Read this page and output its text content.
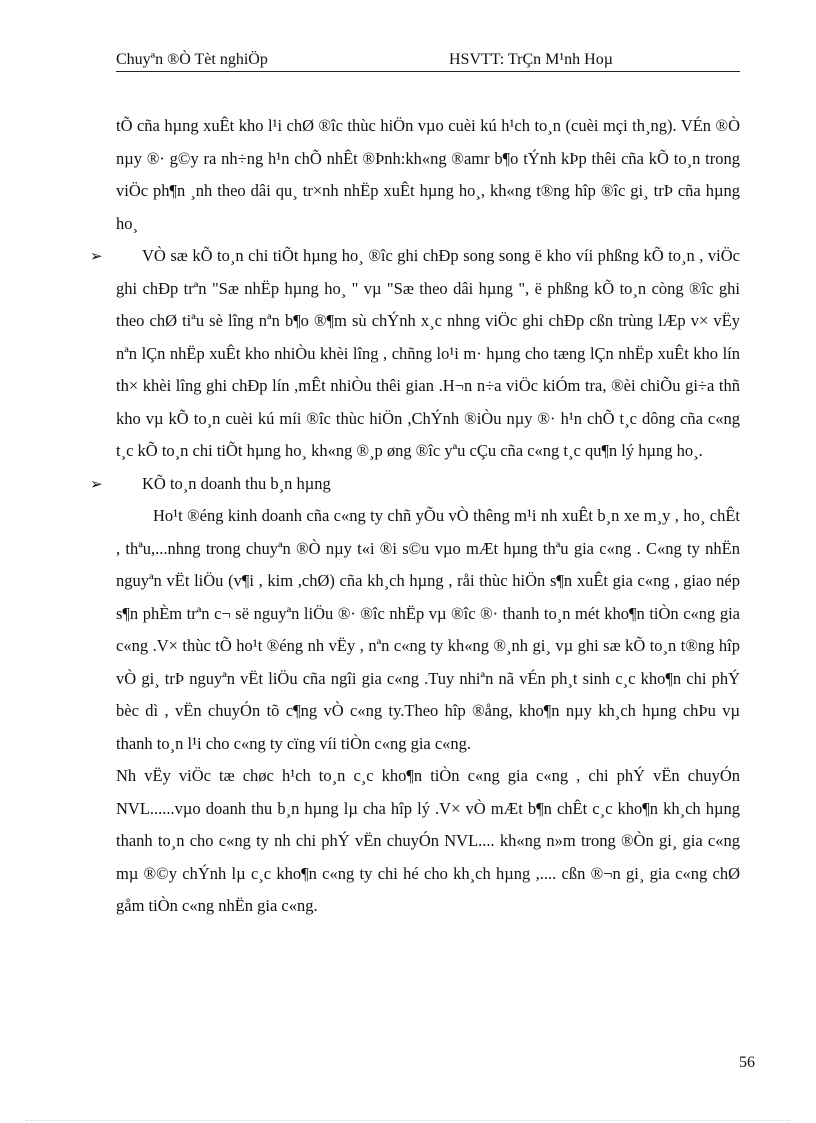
Chuyªn ®Ò Tèt nghiÖp	HSVTT: TrÇn M¹nh Hoµ

tÕ cña hµng xuÊt kho l¹i chØ ®îc thùc hiÖn vµo cuèi kú h¹ch to¸n (cuèi mçi th¸ng). VÉn ®Ò nµy ®· g©y ra nh÷ng h¹n chÕ nhÊt ®Þnh:kh«ng ®amr b¶o tÝnh kÞp thêi cña kÕ to¸n trong viÖc ph¶n ¸nh theo dâi qu¸ tr×nh nhËp xuÊt hµng ho¸, kh«ng t®ng hîp ®îc gi¸ trÞ cña hµng ho¸

➢ VÒ sæ kÕ to¸n chi tiÕt hµng ho¸ ®îc ghi chÐp song song ë kho víi phßng kÕ to¸n , viÖc ghi chÐp trªn "Sæ nhËp hµng ho¸ " vµ "Sæ theo dâi hµng ", ë phßng kÕ to¸n còng ®îc ghi theo chØ tiªu sè lîng nªn b¶o ®¶m sù chÝnh x¸c nhng viÖc ghi chÐp cßn trùng lÆp v× vËy nªn lÇn nhËp xuÊt kho nhiÒu khèi lîng , chñng lo¹i m· hµng cho tæng lÇn nhËp xuÊt kho lín th× khèi lîng ghi chÐp lín ,mÊt nhiÒu thêi gian .H¬n n÷a viÖc kiÓm tra, ®èi chiÕu gi÷a thñ kho vµ kÕ to¸n cuèi kú míi ®îc thùc hiÖn ,ChÝnh ®iÒu nµy ®· h¹n chÕ t¸c dông cña c«ng t¸c kÕ to¸n chi tiÕt hµng ho¸ kh«ng ®¸p øng ®îc yªu cÇu cña c«ng t¸c qu¶n lý hµng ho¸.

➢ KÕ to¸n doanh thu b¸n hµng

Ho¹t ®éng kinh doanh cña c«ng ty chñ yÕu vÒ thêng m¹i nh xuÊt b¸n xe m¸y , ho¸ chÊt , thªu,...nhng trong chuyªn ®Ò nµy t«i ®i s©u vµo mÆt hµng thªu gia c«ng . C«ng ty nhËn nguyªn vËt liÖu (v¶i , kim ,chØ) cña kh¸ch hµng , råi thùc hiÖn s¶n xuÊt gia c«ng , giao nép s¶n phÈm trªn c¬ së nguyªn liÖu ®· ®îc nhËp vµ ®îc ®· thanh to¸n mét kho¶n tiÒn c«ng gia c«ng .V× thùc tÕ ho¹t ®éng nh vËy , nªn c«ng ty kh«ng ®¸nh gi¸ vµ ghi sæ kÕ to¸n t®ng hîp vÒ gi¸ trÞ nguyªn vËt liÖu cña ngîi gia c«ng .Tuy nhiªn nã vÉn ph¸t sinh c¸c kho¶n chi phÝ bèc dì , vËn chuyÓn tõ c¶ng vÒ c«ng ty.Theo hîp ®ång, kho¶n nµy kh¸ch hµng chÞu vµ thanh to¸n l¹i cho c«ng ty cïng víi tiÒn c«ng gia c«ng.

Nh vËy viÖc tæ chøc h¹ch to¸n c¸c kho¶n tiÒn c«ng gia c«ng , chi phÝ vËn chuyÓn NVL......vµo doanh thu b¸n hµng lµ cha hîp lý .V× vÒ mÆt b¶n chÊt c¸c kho¶n kh¸ch hµng thanh to¸n cho c«ng ty nh chi phÝ vËn chuyÓn NVL.... kh«ng n»m trong ®Òn gi¸ gia c«ng mµ ®©y chÝnh lµ c¸c kho¶n c«ng ty chi hé cho kh¸ch hµng ,.... cßn ®¬n gi¸ gia c«ng chØ gåm tiÒn c«ng nhËn gia c«ng.

56
